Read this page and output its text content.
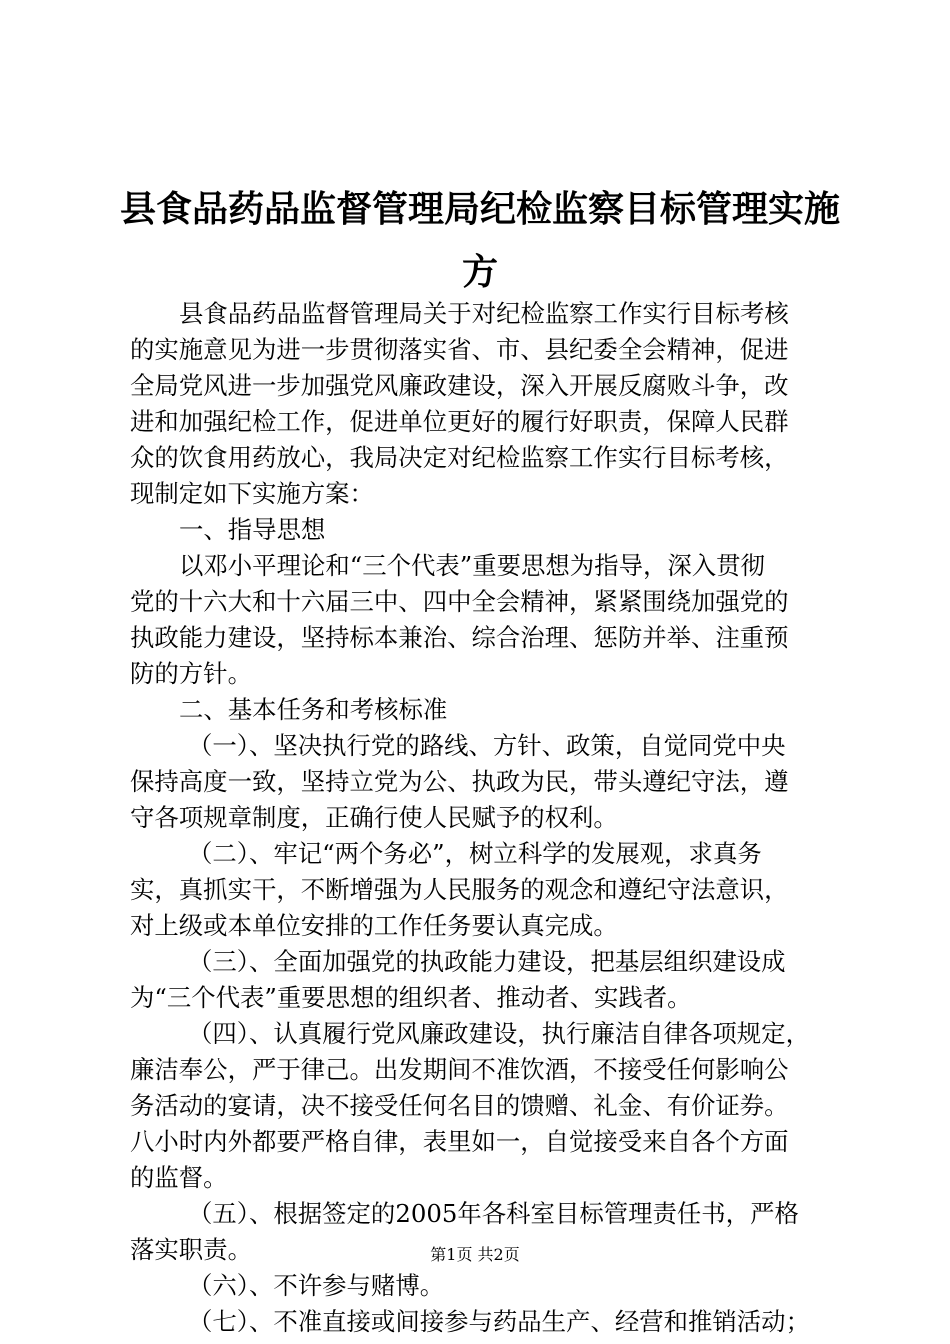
县食品药品监督管理局纪检监察目标管理实施
方
县食品药品监督管理局关于对纪检监察工作实行目标考核
的实施意见为进一步贯彻落实省、市、县纪委全会精神，促进
全局党风进一步加强党风廉政建设，深入开展反腐败斗争，改
进和加强纪检工作，促进单位更好的履行好职责，保障人民群
众的饮食用药放心，我局决定对纪检监察工作实行目标考核，
现制定如下实施方案：
一、指导思想
以邓小平理论和“三个代表”重要思想为指导，深入贯彻
党的十六大和十六届三中、四中全会精神，紧紧围绕加强党的
执政能力建设，坚持标本兼治、综合治理、惩防并举、注重预
防的方针。
二、基本任务和考核标准
（一）、坚决执行党的路线、方针、政策，自觉同党中央
保持高度一致，坚持立党为公、执政为民，带头遵纪守法，遵
守各项规章制度，正确行使人民赋予的权利。
（二）、牢记“两个务必”，树立科学的发展观，求真务
实，真抓实干，不断增强为人民服务的观念和遵纪守法意识，
对上级或本单位安排的工作任务要认真完成。
（三）、全面加强党的执政能力建设，把基层组织建设成
为“三个代表”重要思想的组织者、推动者、实践者。
（四）、认真履行党风廉政建设，执行廉洁自律各项规定，
廉洁奉公，严于律己。出发期间不准饮酒，不接受任何影响公
务活动的宴请，决不接受任何名目的馈赠、礼金、有价证券。
八小时内外都要严格自律，表里如一，自觉接受来自各个方面
的监督。
（五）、根据签定的2005年各科室目标管理责任书，严格
落实职责。
（六）、不许参与赌博。
（七）、不准直接或间接参与药品生产、经营和推销活动；
第1页 共2页
